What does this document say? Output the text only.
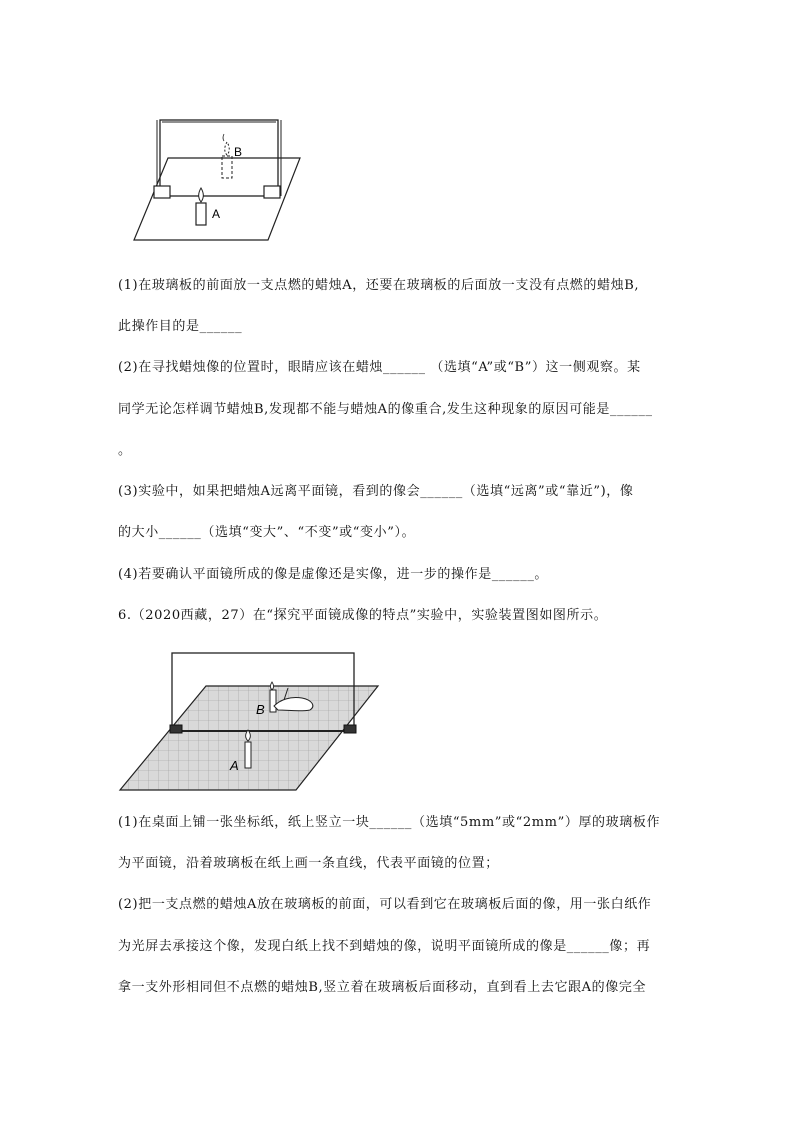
A
B
(1)在玻璃板的前面放一支点燃的蜡烛A，还要在玻璃板的后面放一支没有点燃的蜡烛B,
此操作目的是______
(2)在寻找蜡烛像的位置时，眼睛应该在蜡烛______ （选填“A”或“B”）这一侧观察。某
同学无论怎样调节蜡烛B,发现都不能与蜡烛A的像重合,发生这种现象的原因可能是______
。
(3)实验中，如果把蜡烛A远离平面镜，看到的像会______（选填“远离”或“靠近”)，像
的大小______（选填“变大”、“不变”或“变小”）。
(4)若要确认平面镜所成的像是虚像还是实像，进一步的操作是______。
6.（2020西藏，27）在“探究平面镜成像的特点”实验中，实验装置图如图所示。
B
A
(1)在桌面上铺一张坐标纸，纸上竖立一块______（选填“5mm”或“2mm”）厚的玻璃板作
为平面镜，沿着玻璃板在纸上画一条直线，代表平面镜的位置；
(2)把一支点燃的蜡烛A放在玻璃板的前面，可以看到它在玻璃板后面的像，用一张白纸作
为光屏去承接这个像，发现白纸上找不到蜡烛的像，说明平面镜所成的像是______像；再
拿一支外形相同但不点燃的蜡烛B,竖立着在玻璃板后面移动，直到看上去它跟A的像完全
